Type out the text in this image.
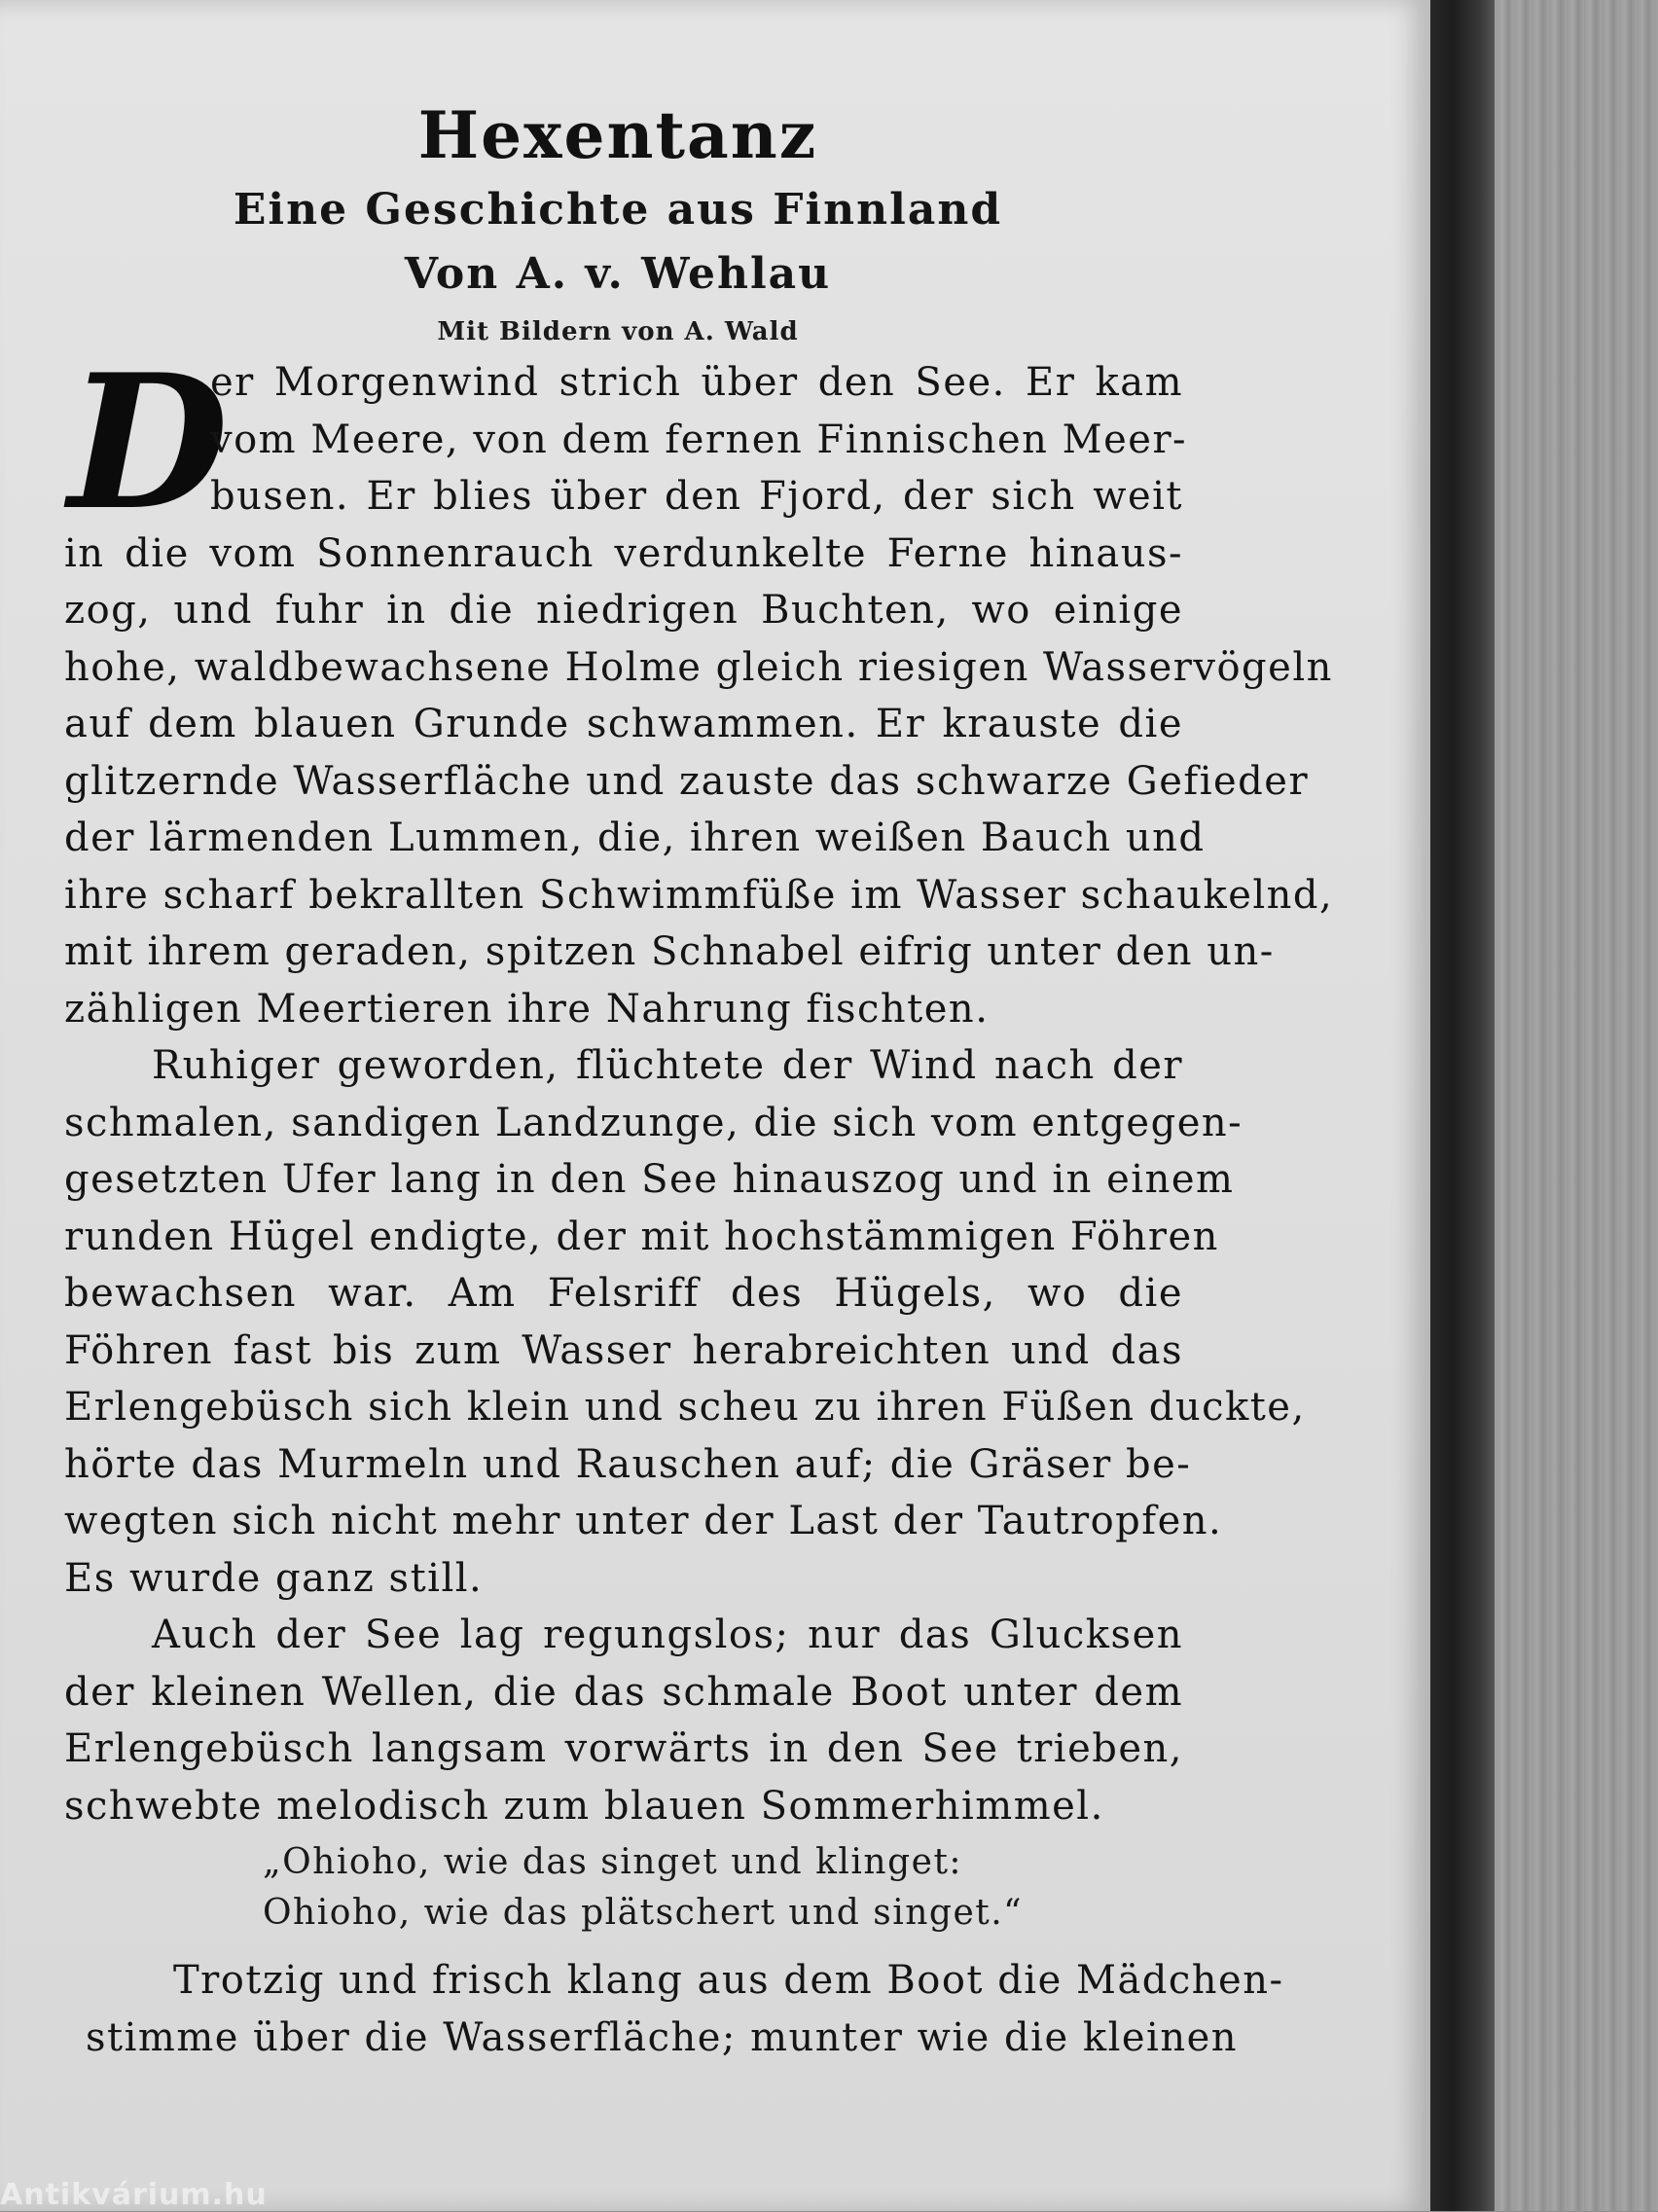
Hexentanz
Eine Geschichte aus Finnland
Von A. v. Wehlau
Mit Bildern von A. Wald
D
er Morgenwind strich über den See. Er kam
vom Meere, von dem fernen Finnischen Meer-
busen. Er blies über den Fjord, der sich weit
in die vom Sonnenrauch verdunkelte Ferne hinaus-
zog, und fuhr in die niedrigen Buchten, wo einige
hohe, waldbewachsene Holme gleich riesigen Wasservögeln
auf dem blauen Grunde schwammen. Er krauste die
glitzernde Wasserfläche und zauste das schwarze Gefieder
der lärmenden Lummen, die, ihren weißen Bauch und
ihre scharf bekrallten Schwimmfüße im Wasser schaukelnd,
mit ihrem geraden, spitzen Schnabel eifrig unter den un-
zähligen Meertieren ihre Nahrung fischten.
Ruhiger geworden, flüchtete der Wind nach der
schmalen, sandigen Landzunge, die sich vom entgegen-
gesetzten Ufer lang in den See hinauszog und in einem
runden Hügel endigte, der mit hochstämmigen Föhren
bewachsen war. Am Felsriff des Hügels, wo die
Föhren fast bis zum Wasser herabreichten und das
Erlengebüsch sich klein und scheu zu ihren Füßen duckte,
hörte das Murmeln und Rauschen auf; die Gräser be-
wegten sich nicht mehr unter der Last der Tautropfen.
Es wurde ganz still.
Auch der See lag regungslos; nur das Glucksen
der kleinen Wellen, die das schmale Boot unter dem
Erlengebüsch langsam vorwärts in den See trieben,
schwebte melodisch zum blauen Sommerhimmel.
„Ohioho, wie das singet und klinget:
Ohioho, wie das plätschert und singet.“
Trotzig und frisch klang aus dem Boot die Mädchen-
stimme über die Wasserfläche; munter wie die kleinen
Antikvárium.hu
